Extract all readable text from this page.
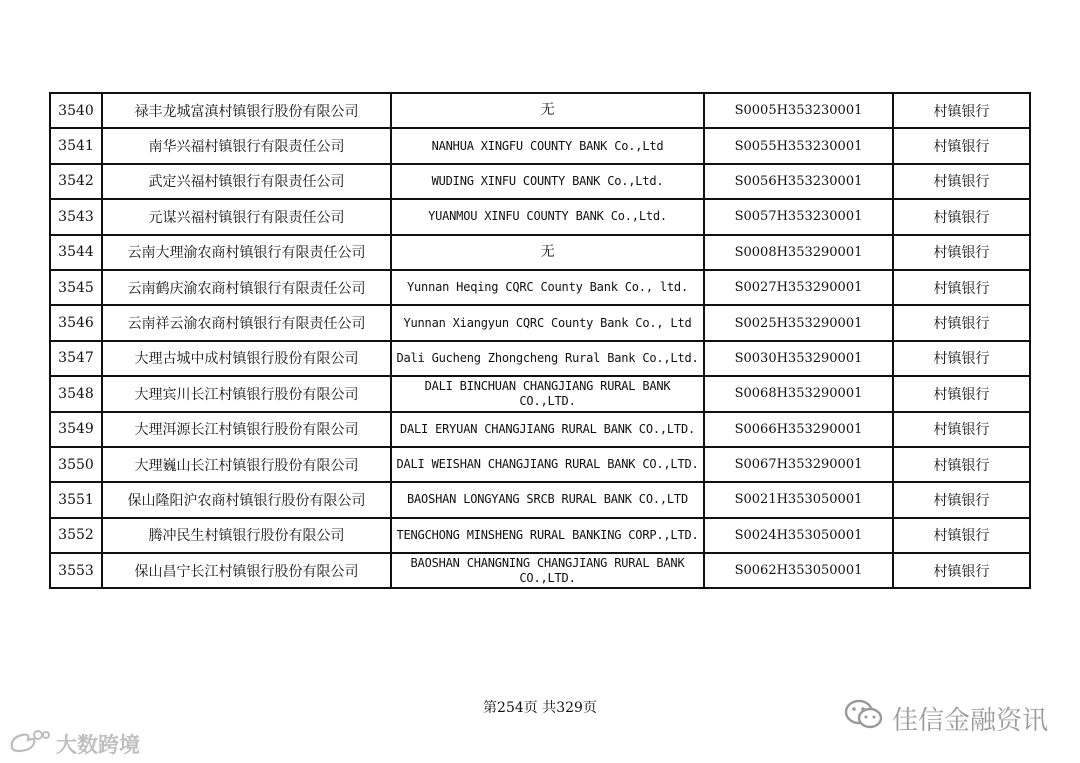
3540	禄丰龙城富滇村镇银行股份有限公司	无	S0005H353230001	村镇银行
3541	南华兴福村镇银行有限责任公司	NANHUA XINGFU COUNTY BANK Co.,Ltd	S0055H353230001	村镇银行
3542	武定兴福村镇银行有限责任公司	WUDING XINFU COUNTY BANK Co.,Ltd.	S0056H353230001	村镇银行
3543	元谋兴福村镇银行有限责任公司	YUANMOU XINFU COUNTY BANK Co.,Ltd.	S0057H353230001	村镇银行
3544	云南大理渝农商村镇银行有限责任公司	无	S0008H353290001	村镇银行
3545	云南鹤庆渝农商村镇银行有限责任公司	Yunnan Heqing CQRC County Bank Co., ltd.	S0027H353290001	村镇银行
3546	云南祥云渝农商村镇银行有限责任公司	Yunnan Xiangyun CQRC County Bank Co., Ltd	S0025H353290001	村镇银行
3547	大理古城中成村镇银行股份有限公司	Dali Gucheng Zhongcheng Rural Bank Co.,Ltd.	S0030H353290001	村镇银行
3548	大理宾川长江村镇银行股份有限公司	DALI BINCHUAN CHANGJIANG RURAL BANK CO.,LTD.	S0068H353290001	村镇银行
3549	大理洱源长江村镇银行股份有限公司	DALI ERYUAN CHANGJIANG RURAL BANK CO.,LTD.	S0066H353290001	村镇银行
3550	大理巍山长江村镇银行股份有限公司	DALI WEISHAN CHANGJIANG RURAL BANK CO.,LTD.	S0067H353290001	村镇银行
3551	保山隆阳沪农商村镇银行股份有限公司	BAOSHAN LONGYANG SRCB RURAL BANK CO.,LTD	S0021H353050001	村镇银行
3552	腾冲民生村镇银行股份有限公司	TENGCHONG MINSHENG RURAL BANKING CORP.,LTD.	S0024H353050001	村镇银行
3553	保山昌宁长江村镇银行股份有限公司	BAOSHAN CHANGNING CHANGJIANG RURAL BANK CO.,LTD.	S0062H353050001	村镇银行
第254页 共329页	佳信金融资讯
大数跨境
